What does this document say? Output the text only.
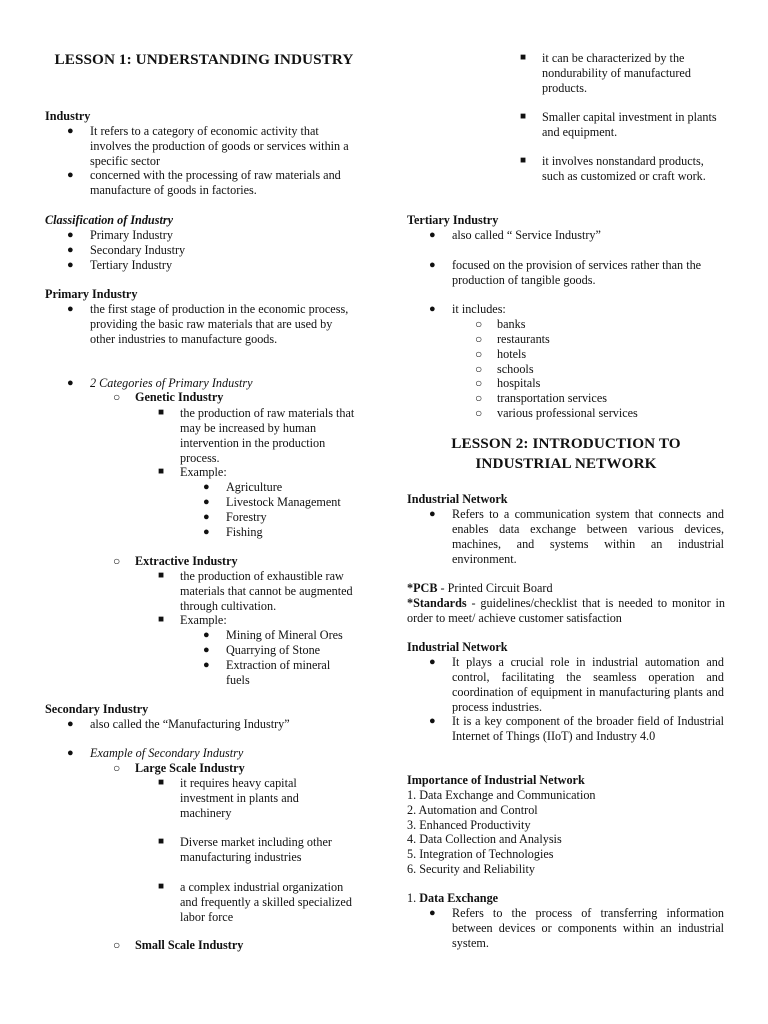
LESSON 1: UNDERSTANDING INDUSTRY
Industry
● It refers to a category of economic activity that involves the production of goods or services within a specific sector
● concerned with the processing of raw materials and manufacture of goods in factories.
Classification of Industry
● Primary Industry
● Secondary Industry
● Tertiary Industry
Primary Industry
● the first stage of production in the economic process, providing the basic raw materials that are used by other industries to manufacture goods.
● 2 Categories of Primary Industry
○ Genetic Industry
■ the production of raw materials that may be increased by human intervention in the production process.
■ Example:
● Agriculture
● Livestock Management
● Forestry
● Fishing
○ Extractive Industry
■ the production of exhaustible raw materials that cannot be augmented through cultivation.
■ Example:
● Mining of Mineral Ores
● Quarrying of Stone
● Extraction of mineral fuels
Secondary Industry
● also called the “Manufacturing Industry”
● Example of Secondary Industry
○ Large Scale Industry
■ it requires heavy capital investment in plants and machinery
■ Diverse market including other manufacturing industries
■ a complex industrial organization and frequently a skilled specialized labor force
○ Small Scale Industry
■ it can be characterized by the nondurability of manufactured products.
■ Smaller capital investment in plants and equipment.
■ it involves nonstandard products, such as customized or craft work.
Tertiary Industry
● also called “ Service Industry”
● focused on the provision of services rather than the production of tangible goods.
● it includes:
○ banks
○ restaurants
○ hotels
○ schools
○ hospitals
○ transportation services
○ various professional services
LESSON 2: INTRODUCTION TO INDUSTRIAL NETWORK
Industrial Network
● Refers to a communication system that connects and enables data exchange between various devices, machines, and systems within an industrial environment.
*PCB - Printed Circuit Board
*Standards - guidelines/checklist that is needed to monitor in order to meet/ achieve customer satisfaction
Industrial Network
● It plays a crucial role in industrial automation and control, facilitating the seamless operation and coordination of equipment in manufacturing plants and process industries.
● It is a key component of the broader field of Industrial Internet of Things (IIoT) and Industry 4.0
Importance of Industrial Network
1. Data Exchange and Communication
2. Automation and Control
3. Enhanced Productivity
4. Data Collection and Analysis
5. Integration of Technologies
6. Security and Reliability
1. Data Exchange
● Refers to the process of transferring information between devices or components within an industrial system.
